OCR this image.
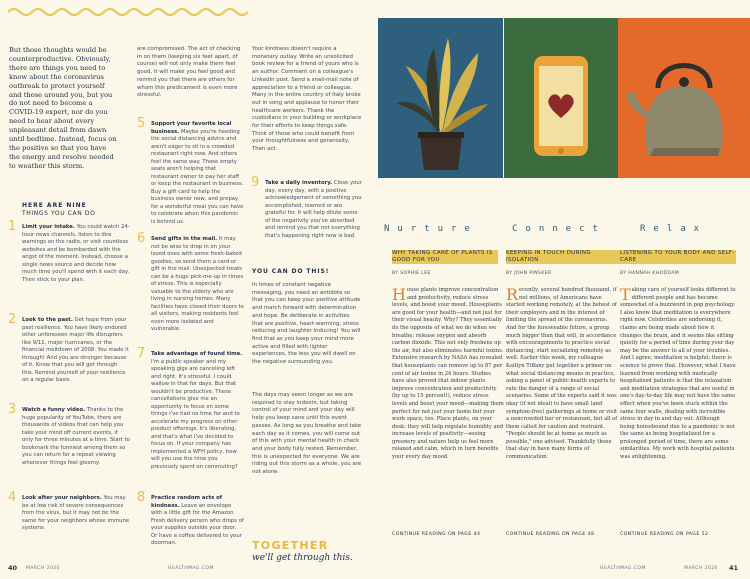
But those thoughts would be counterproductive. Obviously, there are things you need to know about the coronavirus outbreak to protect yourself and those around you, but you do not need to become a COVID-19 expert, nor do you need to hear about every unpleasant detail from dawn until bedtime. Instead, focus on the positive so that you have the energy and resolve needed to weather this storm.
HERE ARE NINE
THINGS YOU CAN DO
1 Limit your intake. You could watch 24-hour news channels, listen to dire warnings on the radio, or visit countless websites and be bombarded with the angst of the moment. Instead, choose a single news source and decide how much time you'll spend with it each day. Then stick to your plan.
2 Look to the past. Get hope from your past resilience. You have likely endured other unforeseen major life disrupters like 9/11, major hurricanes, or the financial meltdown of 2008. You made it through! And you are stronger because of it. Know that you will get through this. Remind yourself of your resilience on a regular basis.
3 Watch a funny video. Thanks to the huge popularity of YouTube, there are thousands of videos that can help you take your mind off current events, if only for three minutes at a time. Start to bookmark the funniest among them so you can return for a repeat viewing whenever things feel gloomy.
4 Look after your neighbors. You may be at low risk of severe consequences from the virus, but it may not be the same for your neighbors whose immune systems
are compromised. The act of checking in on them (keeping six feet apart, of course) will not only make them feel good, it will make you feel good and remind you that there are others for whom this predicament is even more stressful.
5 Support your favorite local business. Maybe you're heeding the social distancing advice and aren't eager to sit in a crowded restaurant right now. And others feel the same way. Those empty seats aren't helping that restaurant owner to pay her staff or keep the restaurant in business. Buy a gift card to help the business owner now, and prepay for a wonderful meal you can have to celebrate when this pandemic is behind us.
6 Send gifts in the mail. It may not be wise to drop in on your loved ones with some fresh-baked goodies, so send them a card or gift in the mail. Unexpected treats can be a huge pick-me-up in times of stress. This is especially valuable to the elderly who are living in nursing homes. Many facilities have closed their doors to all visitors, making residents feel even more isolated and vulnerable.
7 Take advantage of found time. I'm a public speaker and my speaking gigs are canceling left and right. It's stressful. I could wallow in that for days. But that wouldn't be productive. These cancellations give me an opportunity to focus on some things I've had no time for and to accelerate my progress on other product offerings. It's liberating, and that's what I've decided to focus on. If your company has implemented a WFH policy, how will you use the time you previously spent on commuting?
8 Practice random acts of kindness. Leave an envelope with a little gift for the Amazon Fresh delivery person who drops of your supplies outside your door. Or have a coffee delivered to your doorman.
Your kindness doesn't require a monetary outlay. Write an unsolicited book review for a friend of yours who is an author. Comment on a colleague's LinkedIn post. Send a snail-mail note of appreciation to a friend or colleague. Many in the entire country of Italy broke out in song and applause to honor their healthcare workers. Thank the custodians in your building or workplace for their efforts to keep things safe. Think of those who could benefit from your thoughtfulness and generosity. Then act.
9 Take a daily inventory. Close your day, every day, with a positive acknowledgement of something you accomplished, learned or are grateful for. It will help dilute some of the negativity you've absorbed and remind you that not everything that's happening right now is bad.
YOU CAN DO THIS!
In times of constant negative messaging, you need an antidote so that you can keep your positive attitude and march forward with determination and hope. Be deliberate in activities that are positive, heart-warming, stress reducing and laughter inducing! You will find that as you keep your mind more active and filled with lighter experiences, the less you will dwell on the negative surrounding you.
The days may seem longer as we are required to stay indoors, but taking control of your mind and your day will help you keep sane until this event passes. As long as you breathe and take each day as it comes, you will come out of this with your mental health in check and your body fully rested. Remember, this is unexpected for everyone. We are riding out this storm as a whole, you are not alone.
TOGETHER
we'll get through this.
40 MARCH 2020	HEALTHMAG.COM
Nurture	Connect	Relax
WHY TAKING CARE OF PLANTS IS GOOD FOR YOU
KEEPING IN TOUCH DURING ISOLATION
LISTENING TO YOUR BODY AND SELF-CARE
BY SOPHIE LEE	BY JOHN PINSKER	BY HANNAH KHODDAM
H ouse plants improve concentration and productivity, reduce stress levels, and boost your mood. Houseplants are good for your health—and not just for their visual beauty. Why? They essentially do the opposite of what we do when we breathe: release oxygen and absorb carbon dioxide. This not only freshens up the air, but also eliminates harmful toxins. Extensive research by NASA has revealed that houseplants can remove up to 87 per cent of air toxins in 24 hours. Studies have also proved that indoor plants improve concentration and productivity (by up to 15 percent!), reduce stress levels and boost your mood—making them perfect for not just your home but your work space, too. Place plants, on your desk; they will help regulate humidity and increase levels of positivity—seeing greenery and nature help us feel more relaxed and calm, which in turn benefits your every day mood.
R ecently, several hundred thousand, if not millions, of Americans have started working remotely, at the behest of their employers and in the interest of limiting the spread of the coronavirus. And for the foreseeable future, a group much bigger than that will, in accordance with encouragements to practice social distancing, start socializing remotely as well. Earlier this week, my colleague Kaitlyn Tiffany put together a primer on what social distancing means in practice, asking a panel of public-health experts to rate the danger of a range of social scenarios. Some of the experts said it was okay (if not ideal) to have small (and symptom-free) gatherings at home or visit a noncrowded bar or restaurant, but all of them called for caution and restraint. "People should be at home as much as possible," one advised. Thankfully those that stay in have many forms of communication.
T aking care of yourself looks different to different people and has become somewhat of a buzzword in pop psychology. I also know that meditation is everywhere right now. Celebrities are endorsing it, claims are being made about how it changes the brain, and it seems like sitting quietly for a period of time during your day may be the answer to all of your troubles. And I agree, meditation is helpful; there is science to prove that. However, what I have learned from working with medically hospitalized patients is that the relaxation and meditation strategies that are useful in one's day-to-day life may not have the same effect when you've been stuck within the same four walls, dealing with incredible stress in day in and day out. Although being housebound due to a pandemic is not the same as being hospitalized for a prolonged period of time, there are some similarities. My work with hospital patients was enlightening.
CONTINUE READING ON PAGE 44	CONTINUE READING ON PAGE 48	CONTINUE READING ON PAGE 52
HEALTHMAG.COM	MARCH 2020 41
